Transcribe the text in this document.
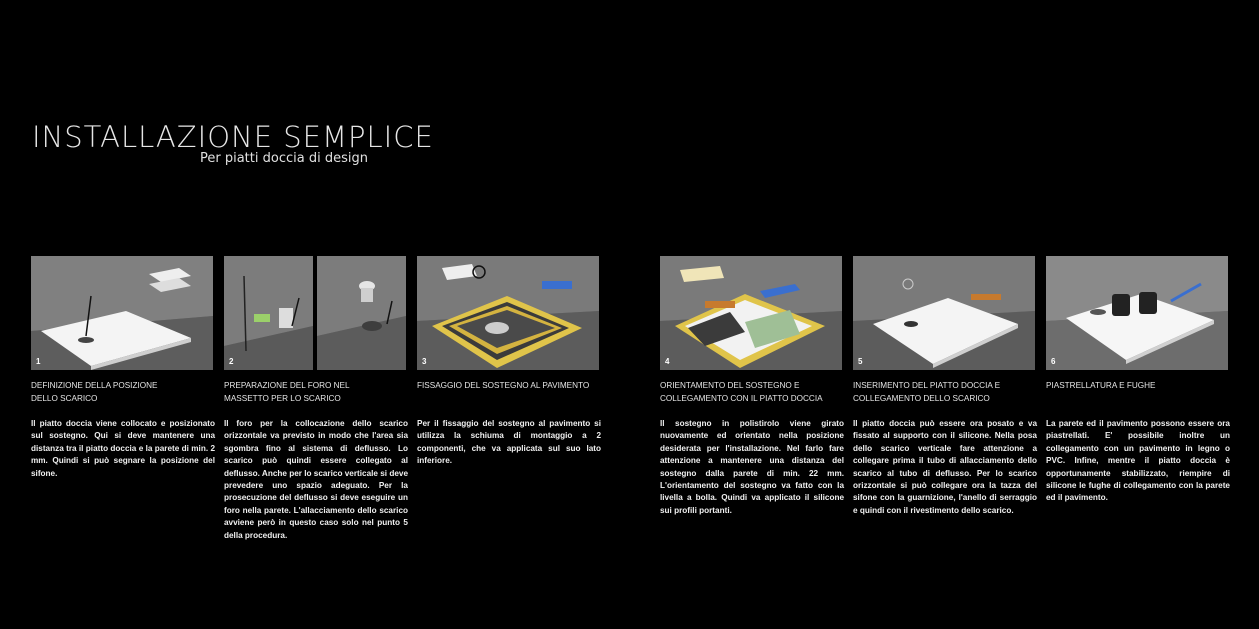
INSTALLAZIONE SEMPLICE
Per piatti doccia di design
1	2	3	4	5	6
DEFINIZIONE DELLA POSIZIONE
DELLO SCARICO
PREPARAZIONE DEL FORO NEL
MASSETTO PER LO SCARICO
FISSAGGIO DEL SOSTEGNO AL PAVIMENTO	ORIENTAMENTO DEL SOSTEGNO E
COLLEGAMENTO CON IL PIATTO DOCCIA
INSERIMENTO DEL PIATTO DOCCIA E
COLLEGAMENTO DELLO SCARICO
PIASTRELLATURA E FUGHE
Il piatto doccia viene collocato e posizionato sul sostegno. Qui si deve mantenere una distanza tra il piatto doccia e la parete di min. 2 mm. Quindi si può segnare la posizione del sifone.
Il foro per la collocazione dello scarico orizzontale va previsto in modo che l'area sia sgombra fino al sistema di deflusso. Lo scarico può quindi essere collegato al deflusso. Anche per lo scarico verticale si deve prevedere uno spazio adeguato. Per la prosecuzione del deflusso si deve eseguire un foro nella parete. L'allacciamento dello scarico avviene però in questo caso solo nel punto 5 della procedura.
Per il fissaggio del sostegno al pavimento si utilizza la schiuma di montaggio a 2 componenti, che va applicata sul suo lato inferiore.
Il sostegno in polistirolo viene girato nuovamente ed orientato nella posizione desiderata per l'installazione. Nel farlo fare attenzione a mantenere una distanza del sostegno dalla parete di min. 22 mm. L'orientamento del sostegno va fatto con la livella a bolla. Quindi va applicato il silicone sui profili portanti.
Il piatto doccia può essere ora posato e va fissato al supporto con il silicone. Nella posa dello scarico verticale fare attenzione a collegare prima il tubo di allacciamento dello scarico al tubo di deflusso. Per lo scarico orizzontale si può collegare ora la tazza del sifone con la guarnizione, l'anello di serraggio e quindi con il rivestimento dello scarico.
La parete ed il pavimento possono essere ora piastrellati. E' possibile inoltre un collegamento con un pavimento in legno o PVC. Infine, mentre il piatto doccia è opportunamente stabilizzato, riempire di silicone le fughe di collegamento con la parete ed il pavimento.
